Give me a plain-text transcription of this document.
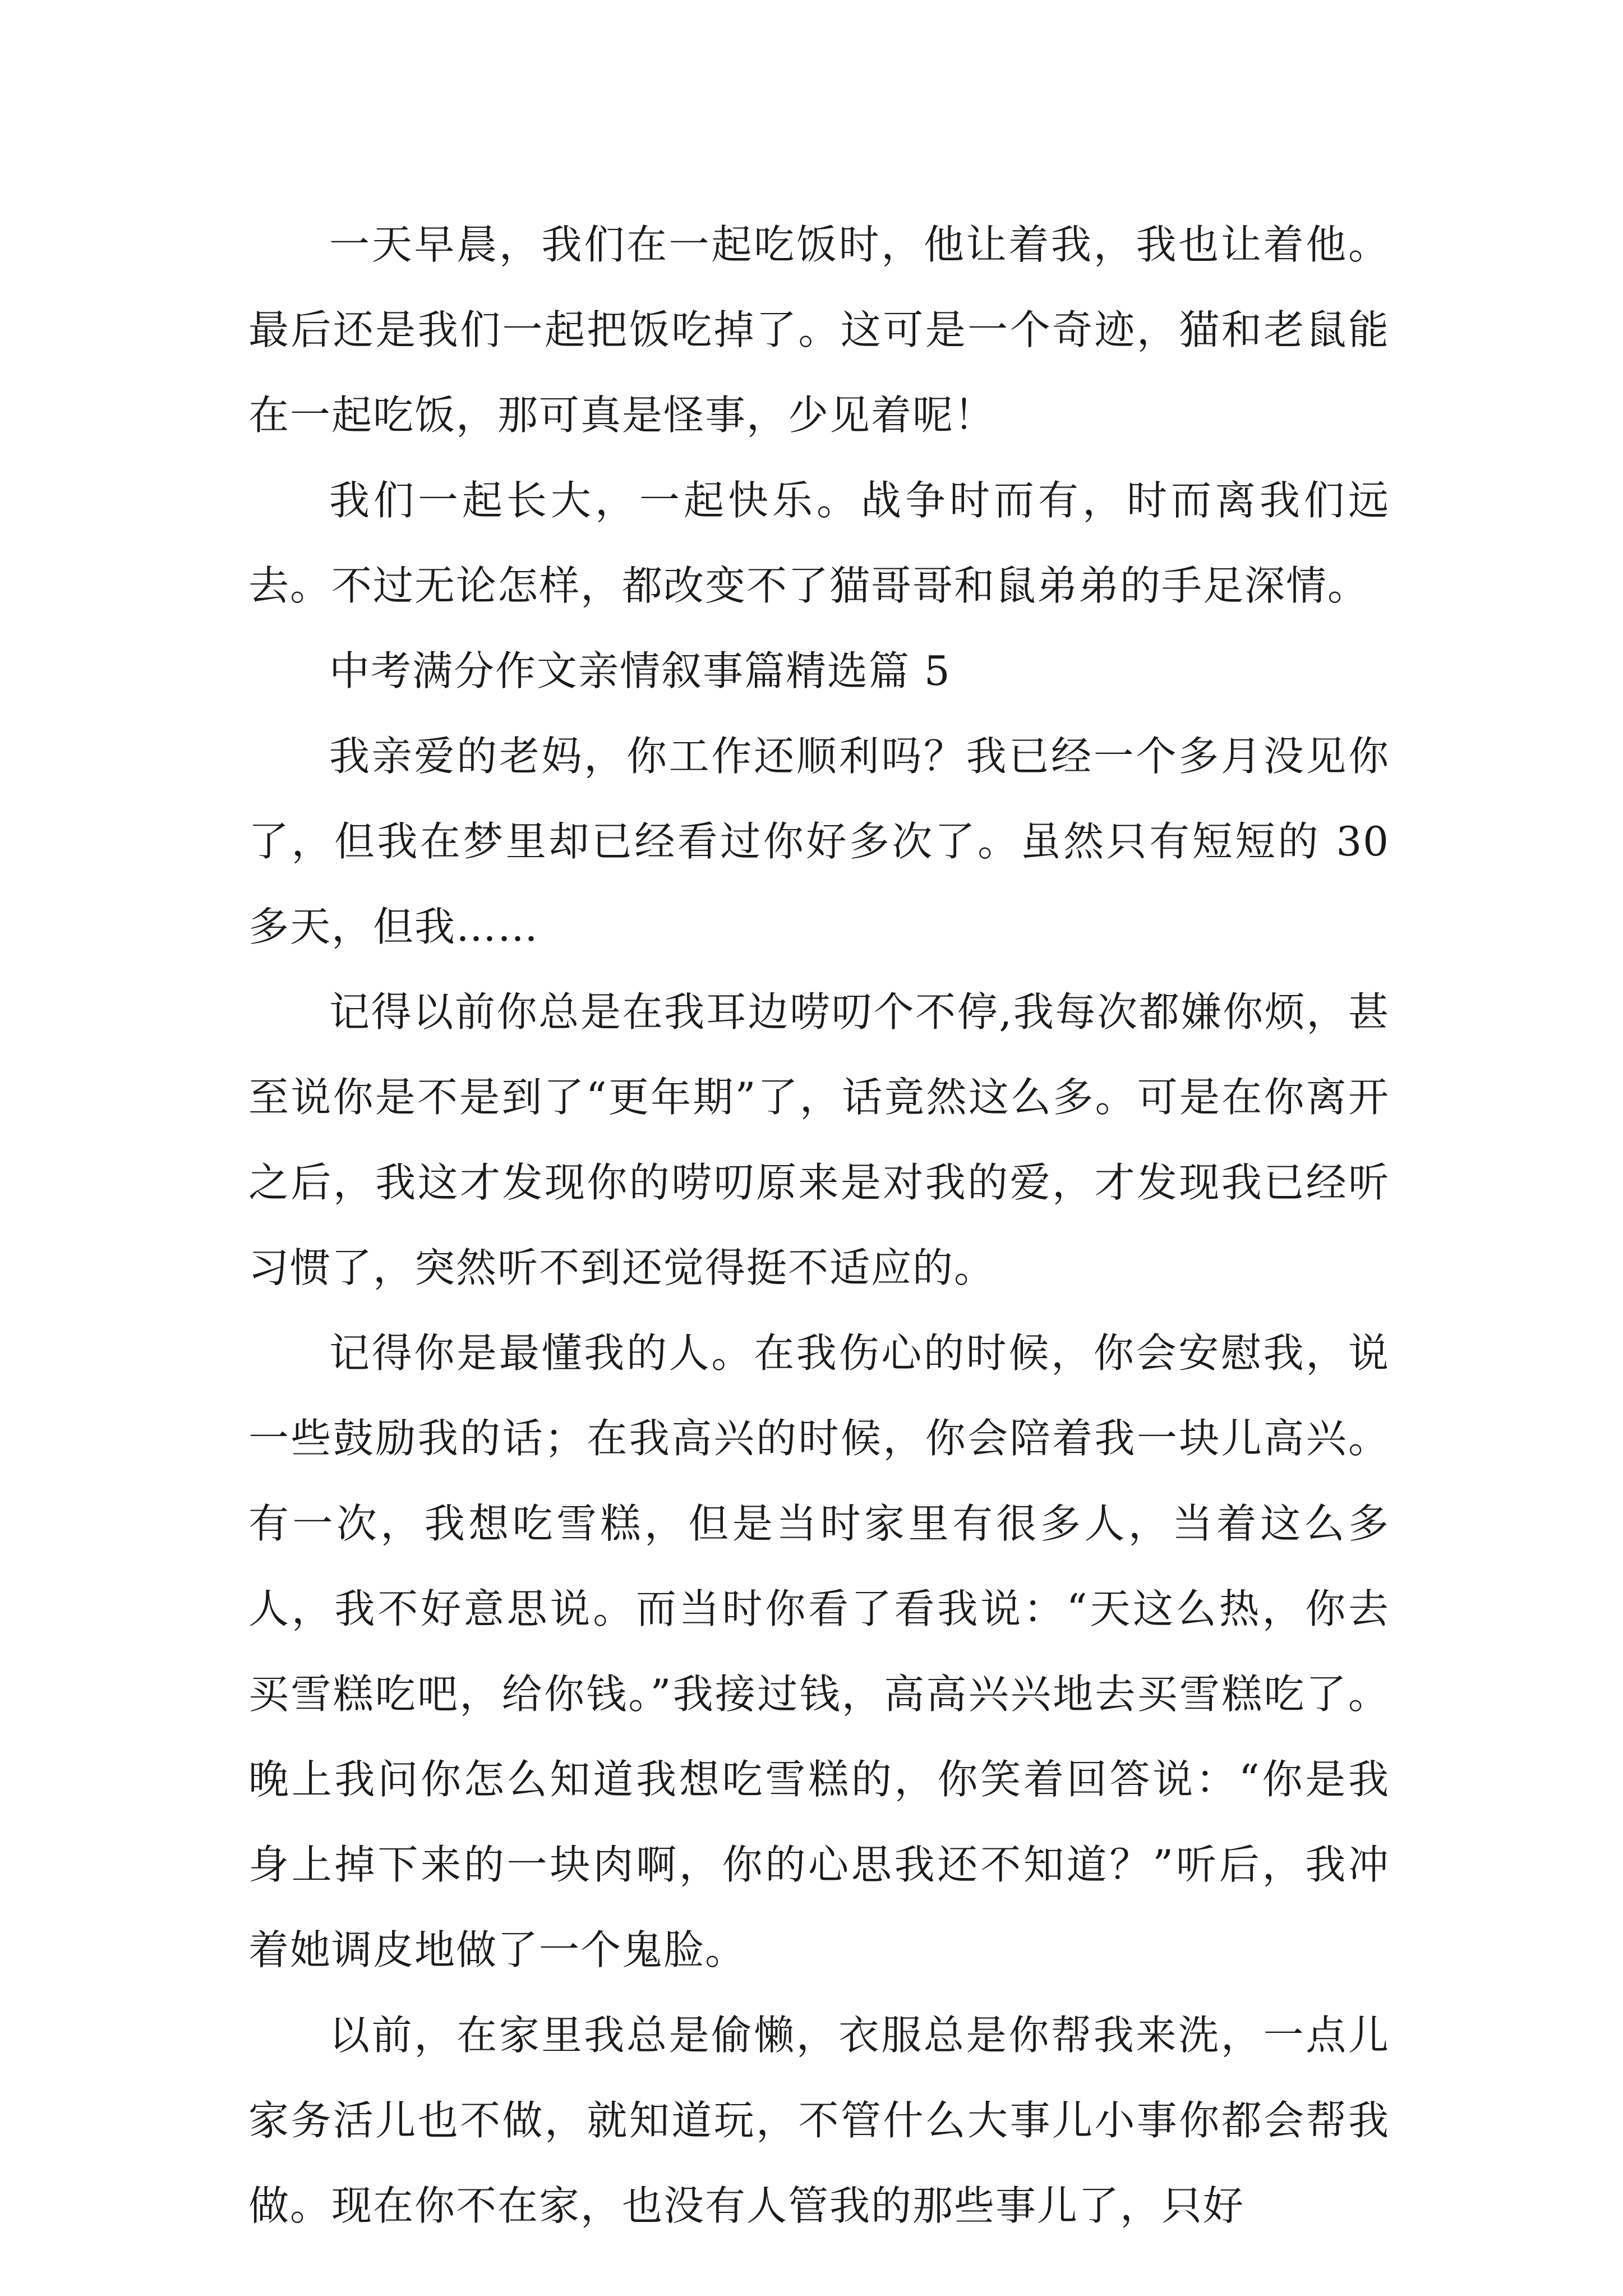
一天早晨，我们在一起吃饭时，他让着我，我也让着他。最后还是我们一起把饭吃掉了。这可是一个奇迹，猫和老鼠能在一起吃饭，那可真是怪事，少见着呢！

我们一起长大，一起快乐。战争时而有，时而离我们远去。不过无论怎样，都改变不了猫哥哥和鼠弟弟的手足深情。

中考满分作文亲情叙事篇精选篇 5

我亲爱的老妈，你工作还顺利吗？我已经一个多月没见你了，但我在梦里却已经看过你好多次了。虽然只有短短的 30 多天，但我……

记得以前你总是在我耳边唠叨个不停,我每次都嫌你烦，甚至说你是不是到了“更年期”了，话竟然这么多。可是在你离开之后，我这才发现你的唠叨原来是对我的爱，才发现我已经听习惯了，突然听不到还觉得挺不适应的。

记得你是最懂我的人。在我伤心的时候，你会安慰我，说一些鼓励我的话；在我高兴的时候，你会陪着我一块儿高兴。有一次，我想吃雪糕，但是当时家里有很多人，当着这么多人，我不好意思说。而当时你看了看我说：“天这么热，你去买雪糕吃吧，给你钱。”我接过钱，高高兴兴地去买雪糕吃了。晚上我问你怎么知道我想吃雪糕的，你笑着回答说：“你是我身上掉下来的一块肉啊，你的心思我还不知道？”听后，我冲着她调皮地做了一个鬼脸。

以前，在家里我总是偷懒，衣服总是你帮我来洗，一点儿家务活儿也不做，就知道玩，不管什么大事儿小事你都会帮我做。现在你不在家，也没有人管我的那些事儿了，只好
